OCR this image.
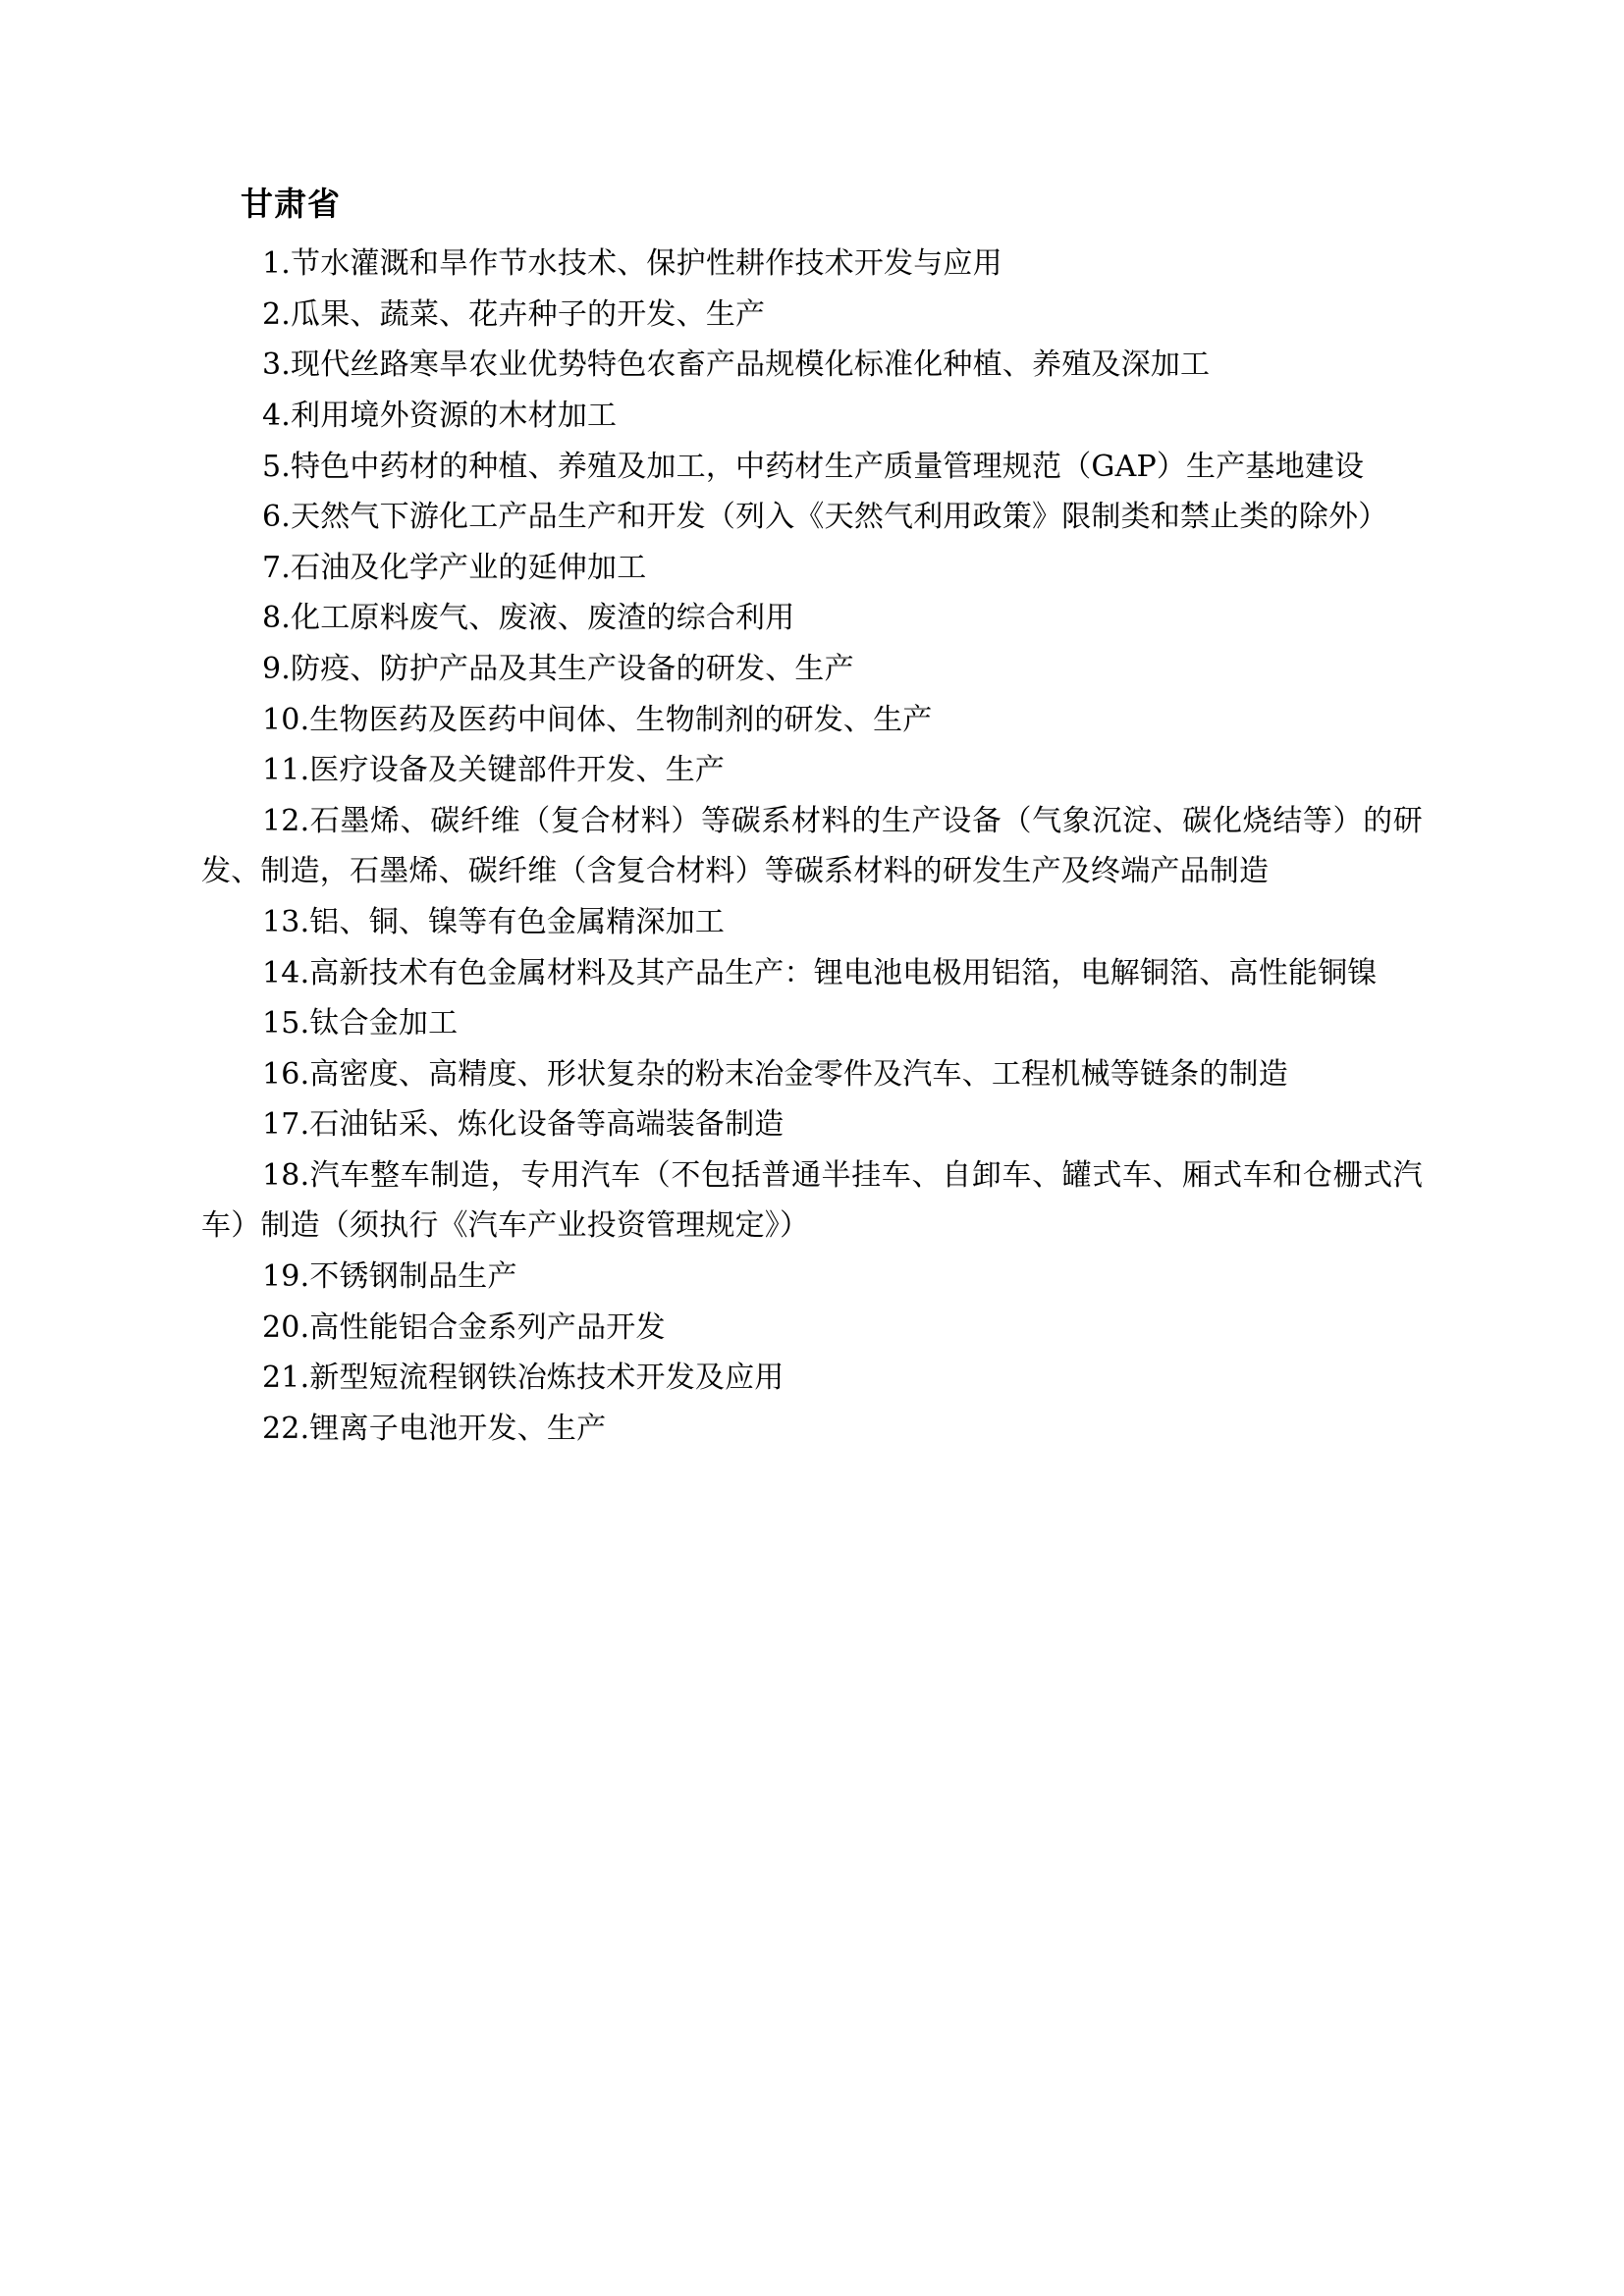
甘肃省

1.节水灌溉和旱作节水技术、保护性耕作技术开发与应用

2.瓜果、蔬菜、花卉种子的开发、生产

3.现代丝路寒旱农业优势特色农畜产品规模化标准化种植、养殖及深加工

4.利用境外资源的木材加工

5.特色中药材的种植、养殖及加工，中药材生产质量管理规范（GAP）生产基地建设

6.天然气下游化工产品生产和开发（列入《天然气利用政策》限制类和禁止类的除外）

7.石油及化学产业的延伸加工

8.化工原料废气、废液、废渣的综合利用

9.防疫、防护产品及其生产设备的研发、生产

10.生物医药及医药中间体、生物制剂的研发、生产

11.医疗设备及关键部件开发、生产

12.石墨烯、碳纤维（复合材料）等碳系材料的生产设备（气象沉淀、碳化烧结等）的研发、制造，石墨烯、碳纤维（含复合材料）等碳系材料的研发生产及终端产品制造

13.铝、铜、镍等有色金属精深加工

14.高新技术有色金属材料及其产品生产：锂电池电极用铝箔，电解铜箔、高性能铜镍

15.钛合金加工

16.高密度、高精度、形状复杂的粉末冶金零件及汽车、工程机械等链条的制造

17.石油钻采、炼化设备等高端装备制造

18.汽车整车制造，专用汽车（不包括普通半挂车、自卸车、罐式车、厢式车和仓栅式汽车）制造（须执行《汽车产业投资管理规定》）

19.不锈钢制品生产

20.高性能铝合金系列产品开发

21.新型短流程钢铁冶炼技术开发及应用

22.锂离子电池开发、生产
